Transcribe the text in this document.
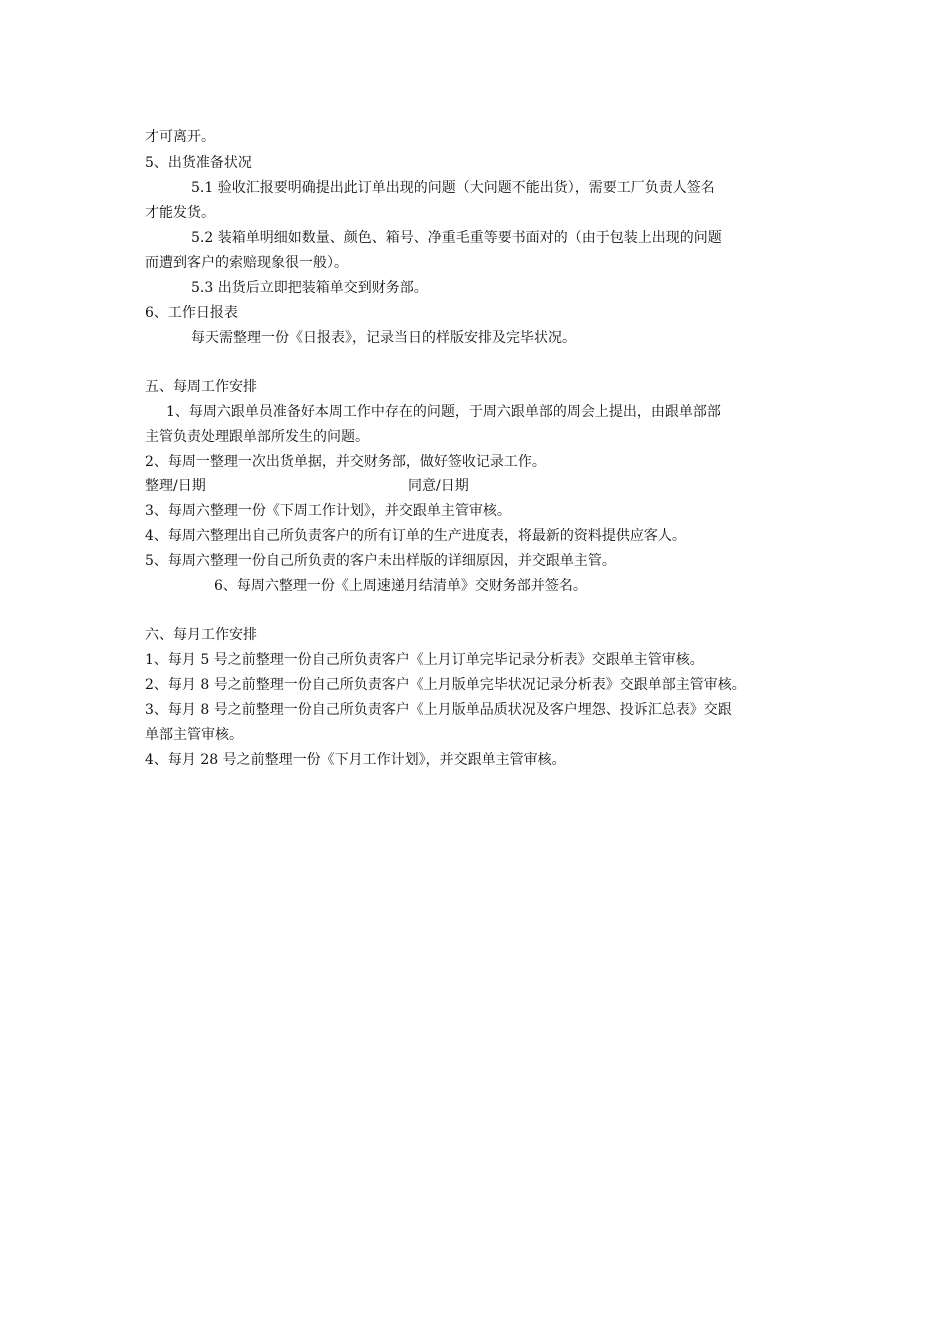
才可离开。
5、出货准备状况
5.1 验收汇报要明确提出此订单出现的问题（大问题不能出货），需要工厂负责人签名
才能发货。
5.2 装箱单明细如数量、颜色、箱号、净重毛重等要书面对的（由于包装上出现的问题
而遭到客户的索赔现象很一般）。
5.3 出货后立即把装箱单交到财务部。
6、工作日报表
每天需整理一份《日报表》，记录当日的样版安排及完毕状况。
五、每周工作安排
1、每周六跟单员准备好本周工作中存在的问题，于周六跟单部的周会上提出，由跟单部部
主管负责处理跟单部所发生的问题。
2、每周一整理一次出货单据，并交财务部，做好签收记录工作。
整理/日期	同意/日期
3、每周六整理一份《下周工作计划》，并交跟单主管审核。
4、每周六整理出自己所负责客户的所有订单的生产进度表，将最新的资料提供应客人。
5、每周六整理一份自己所负责的客户未出样版的详细原因，并交跟单主管。
6、每周六整理一份《上周速递月结清单》交财务部并签名。
六、每月工作安排
1、每月 5 号之前整理一份自己所负责客户《上月订单完毕记录分析表》交跟单主管审核。
2、每月 8 号之前整理一份自己所负责客户《上月版单完毕状况记录分析表》交跟单部主管审核。
3、每月 8 号之前整理一份自己所负责客户《上月版单品质状况及客户埋怨、投诉汇总表》交跟
单部主管审核。
4、每月 28 号之前整理一份《下月工作计划》，并交跟单主管审核。
